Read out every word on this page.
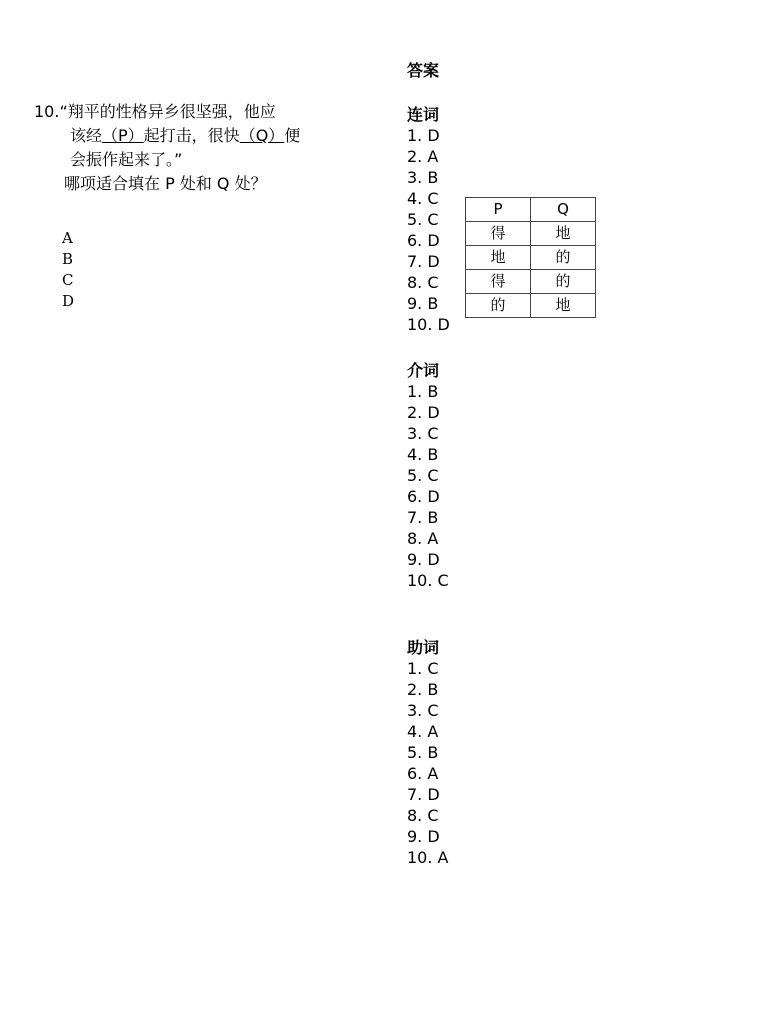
10.“翔平的性格异乡很坚强，他应
该经（P）起打击，很快（Q）便
会振作起来了。”
哪项适合填在 P 处和 Q 处？
A
B
C
D
答案
连词
1. D
2. A
3. B
4. C
5. C
6. D
7. D
8. C
9. B
10. D
P	Q
得	地
地	的
得	的
的	地
介词
1. B
2. D
3. C
4. B
5. C
6. D
7. B
8. A
9. D
10. C
助词
1. C
2. B
3. C
4. A
5. B
6. A
7. D
8. C
9. D
10. A
